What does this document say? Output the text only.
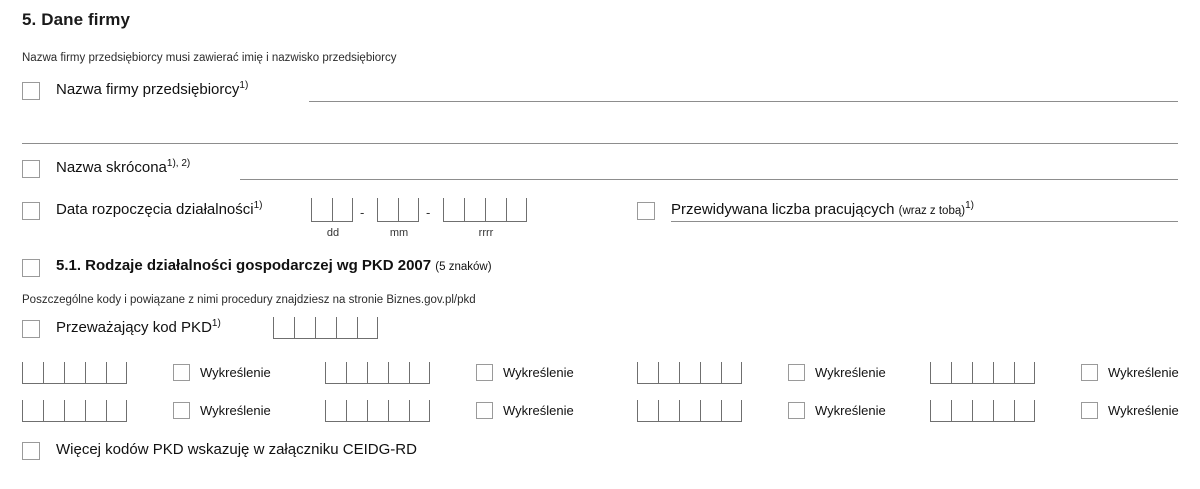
5. Dane firmy
Nazwa firmy przedsiębiorcy musi zawierać imię i nazwisko przedsiębiorcy
Nazwa firmy przedsiębiorcy$^{1)}$
Nazwa skrócona$^{1), 2)}$
Data rozpoczęcia działalności$^{1)}$	-	-
dd	mm	rrrr
Przewidywana liczba pracujących (wraz z tobą)$^{1)}$
5.1. Rodzaje działalności gospodarczej wg PKD 2007 (5 znaków)
Poszczególne kody i powiązane z nimi procedury znajdziesz na stronie Biznes.gov.pl/pkd
Przeważający kod PKD$^{1)}$
Wykreślenie	Wykreślenie	Wykreślenie	Wykreślenie
Wykreślenie	Wykreślenie	Wykreślenie	Wykreślenie
Więcej kodów PKD wskazuję w załączniku CEIDG-RD
